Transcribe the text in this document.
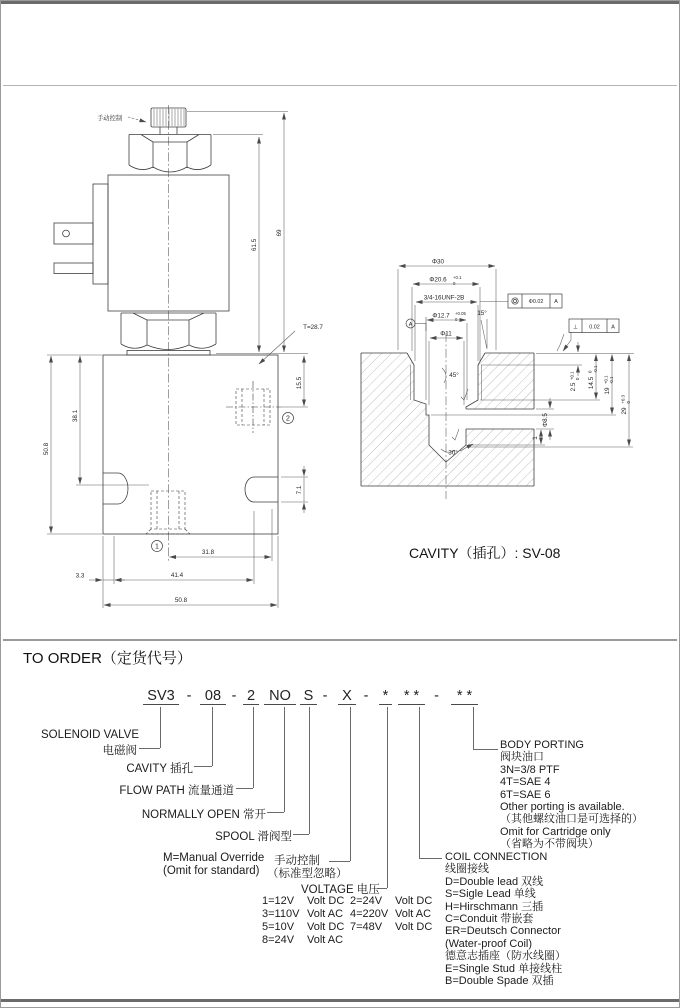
1
2
手动控制
61.5
69
T=28.7
50.8
38.1
15.5
7.1
31.8
41.4
3.3
50.8
Φ0.02 A
⊥ 0.02 A
A
Φ30
Φ20.6 +0.1
0
3/4-16UNF-2B
Φ12.7 +0.05
0
Φ11
15°
45°
30°
2.5
+0.1 0 14.5
0 -0.1
19
+0.1 -0.1
29
+0.3 0
Φ8.5
1
CAVITY（插孔）: SV-08
TO ORDER（定货代号）
SV3 - 08 - 2 NO S - X - *	* *	-	* *
SOLENOID VALVE
电磁阀
CAVITY 插孔
FLOW PATH 流量通道
NORMALLY OPEN 常开
SPOOL 滑阀型
M=Manual Override
(Omit for standard)
手动控制
（标准型忽略）
VOLTAGE 电压
1=12V Volt DC 2=24V Volt DC
3=110V Volt AC 4=220V Volt AC
5=10V Volt DC 7=48V Volt DC
8=24V Volt AC
COIL CONNECTION
线圈接线
D=Double lead 双线
S=Sigle Lead 单线
H=Hirschmann 三插
C=Conduit 带嵌套
ER=Deutsch Connector
(Water-proof Coil)
德意志插座（防水线圈）
E=Single Stud 单接线柱
B=Double Spade 双插
BODY PORTING
阀块油口
3N=3/8 PTF
4T=SAE 4
6T=SAE 6
Other porting is available.
（其他螺纹油口是可选择的）
Omit for Cartridge only
（省略为不带阀块）
